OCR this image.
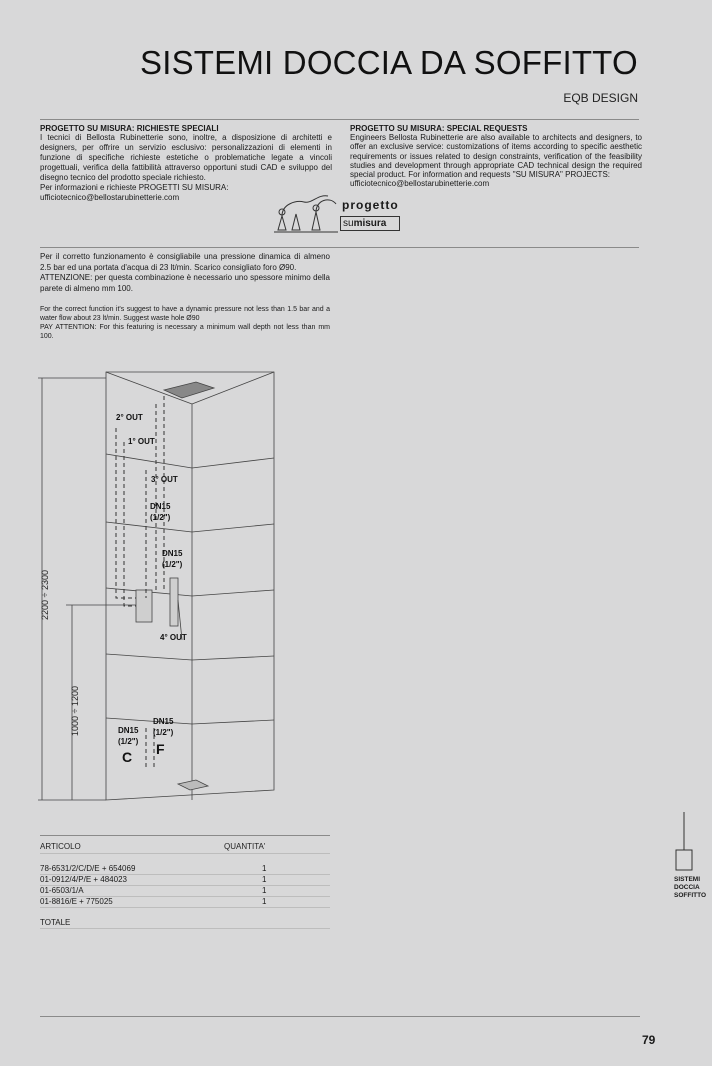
SISTEMI DOCCIA DA SOFFITTO
EQB DESIGN
PROGETTO SU MISURA: RICHIESTE SPECIALI
I tecnici di Bellosta Rubinetterie sono, inoltre, a disposizione di architetti e designers, per offrire un servizio esclusivo: personalizzazioni di elementi in funzione di specifiche richieste estetiche o problematiche legate a vincoli progettuali, verifica della fattibilità attraverso opportuni studi CAD e sviluppo del disegno tecnico del prodotto speciale richiesto.
Per informazioni e richieste PROGETTI SU MISURA:
ufficiotecnico@bellostarubinetterie.com
PROGETTO SU MISURA: SPECIAL REQUESTS
Engineers Bellosta Rubinetterie are also available to architects and designers, to offer an exclusive service: customizations of items according to specific aesthetic requirements or issues related to design constraints, verification of the feasibility studies and development through appropriate CAD technical design the required special product. For information and requests "SU MISURA" PROJECTS:
ufficiotecnico@bellostarubinetterie.com
progetto
sumisura
Per il corretto funzionamento è consigliabile una pressione dinamica di almeno 2.5 bar ed una portata d'acqua di 23 lt/min. Scarico consigliato foro Ø90.
ATTENZIONE: per questa combinazione è necessario uno spessore minimo della parete di almeno mm 100.
For the correct function it's suggest to have a dynamic pressure not less than 1.5 bar and a water flow about 23 lt/min. Suggest waste hole Ø90
PAY ATTENTION: For this featuring is necessary a minimum wall depth not less than mm 100.
2° OUT
1° OUT
3° OUT
DN15
(1/2")
DN15
(1/2")
4° OUT
DN15
(1/2")
DN15
(1/2")
C F
2200 ÷ 2300
1000 ÷ 1200
ARTICOLO	QUANTITA'
78-6531/2/C/D/E + 654069	1
01-0912/4/P/E + 484023	1
01-6503/1/A	1
01-8816/E + 775025	1
TOTALE
SISTEMI
DOCCIA
SOFFITTO
79
